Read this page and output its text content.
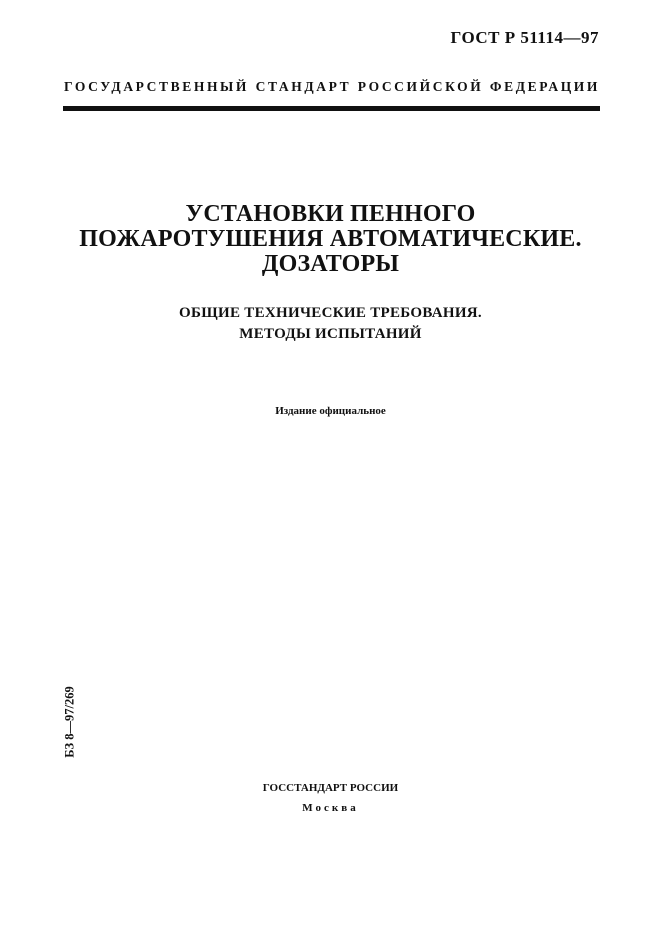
ГОСТ Р 51114—97
ГОСУДАРСТВЕННЫЙ СТАНДАРТ РОССИЙСКОЙ ФЕДЕРАЦИИ
УСТАНОВКИ ПЕННОГО
ПОЖАРОТУШЕНИЯ АВТОМАТИЧЕСКИЕ.
ДОЗАТОРЫ
ОБЩИЕ ТЕХНИЧЕСКИЕ ТРЕБОВАНИЯ.
МЕТОДЫ ИСПЫТАНИЙ
Издание официальное
БЗ 8—97/269
ГОССТАНДАРТ РОССИИ
Москва
